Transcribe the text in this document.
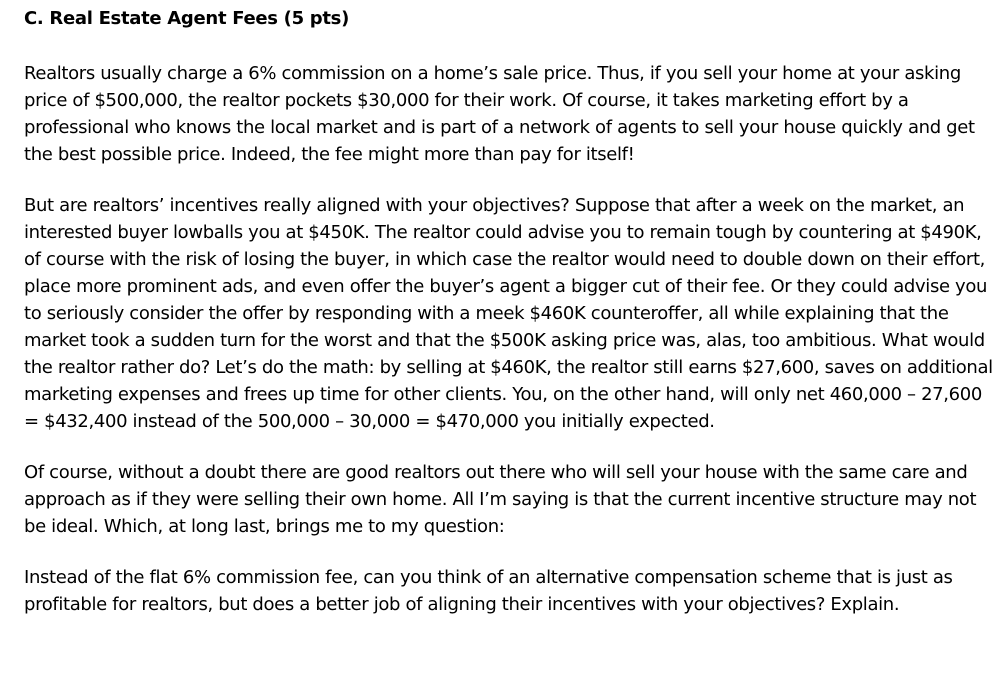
C. Real Estate Agent Fees (5 pts)

Realtors usually charge a 6% commission on a home’s sale price. Thus, if you sell your home at your asking price of $500,000, the realtor pockets $30,000 for their work. Of course, it takes marketing effort by a professional who knows the local market and is part of a network of agents to sell your house quickly and get the best possible price. Indeed, the fee might more than pay for itself!

But are realtors’ incentives really aligned with your objectives? Suppose that after a week on the market, an interested buyer lowballs you at $450K. The realtor could advise you to remain tough by countering at $490K, of course with the risk of losing the buyer, in which case the realtor would need to double down on their effort, place more prominent ads, and even offer the buyer’s agent a bigger cut of their fee. Or they could advise you to seriously consider the offer by responding with a meek $460K counteroffer, all while explaining that the market took a sudden turn for the worst and that the $500K asking price was, alas, too ambitious. What would the realtor rather do? Let’s do the math: by selling at $460K, the realtor still earns $27,600, saves on additional marketing expenses and frees up time for other clients. You, on the other hand, will only net 460,000 – 27,600 = $432,400 instead of the 500,000 – 30,000 = $470,000 you initially expected.

Of course, without a doubt there are good realtors out there who will sell your house with the same care and approach as if they were selling their own home. All I’m saying is that the current incentive structure may not be ideal. Which, at long last, brings me to my question:

Instead of the flat 6% commission fee, can you think of an alternative compensation scheme that is just as profitable for realtors, but does a better job of aligning their incentives with your objectives? Explain.
